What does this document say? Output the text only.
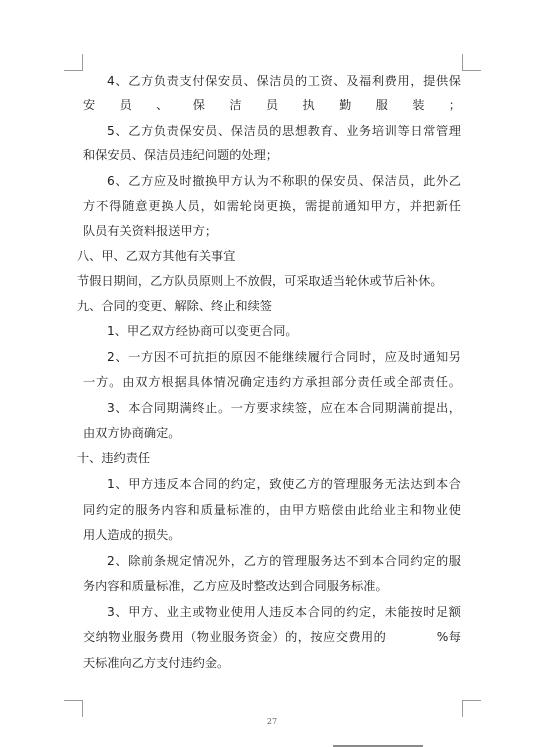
4、乙方负责支付保安员、保洁员的工资、及福利费用，提供保
安员、保洁员执勤服装；
5、乙方负责保安员、保洁员的思想教育、业务培训等日常管理
和保安员、保洁员违纪问题的处理；
6、乙方应及时撤换甲方认为不称职的保安员、保洁员，此外乙
方不得随意更换人员，如需轮岗更换，需提前通知甲方，并把新任
队员有关资料报送甲方；
八、甲、乙双方其他有关事宜
节假日期间，乙方队员原则上不放假，可采取适当轮休或节后补休。
九、合同的变更、解除、终止和续签
1、甲乙双方经协商可以变更合同。
2、一方因不可抗拒的原因不能继续履行合同时，应及时通知另
一方。由双方根据具体情况确定违约方承担部分责任或全部责任。
3、本合同期满终止。一方要求续签，应在本合同期满前提出，
由双方协商确定。
十、违约责任
1、甲方违反本合同的约定，致使乙方的管理服务无法达到本合
同约定的服务内容和质量标准的，由甲方赔偿由此给业主和物业使
用人造成的损失。
2、除前条规定情况外，乙方的管理服务达不到本合同约定的服
务内容和质量标准，乙方应及时整改达到合同服务标准。
3、甲方、业主或物业使用人违反本合同的约定，未能按时足额
交纳物业服务费用（物业服务资金）的，按应交费用的　　　　%每
天标准向乙方支付违约金。
27
